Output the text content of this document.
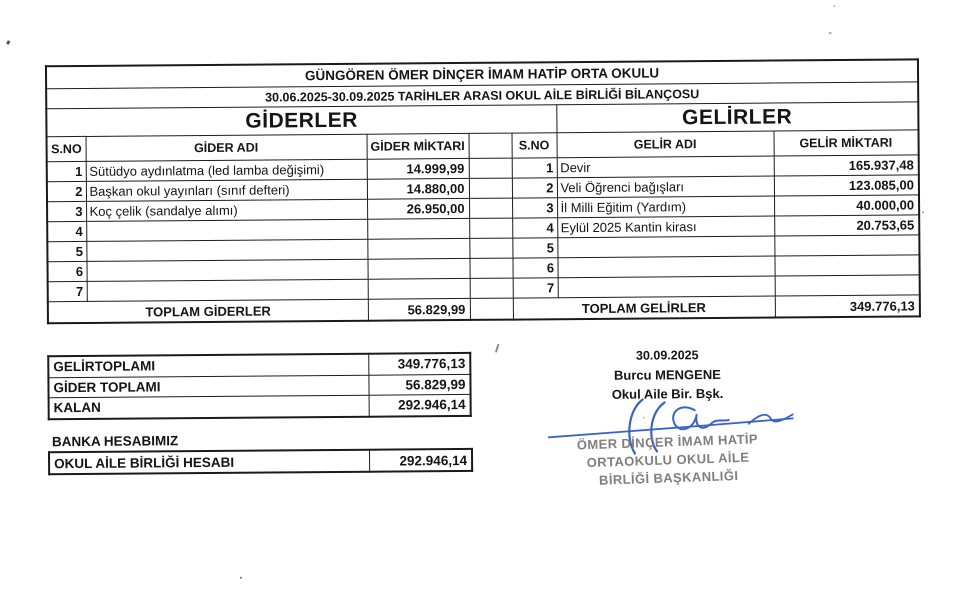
GÜNGÖREN ÖMER DİNÇER İMAM HATİP ORTA OKULU						
30.06.2025-30.09.2025 TARİHLER ARASI OKUL AİLE BİRLİĞİ BİLANÇOSU						
GİDERLER					GELİRLER	
S.NO	GİDER ADI	GİDER MİKTARI		S.NO	GELİR ADI	GELİR MİKTARI
1	Sütüdyo aydınlatma (led lamba değişimi)	14.999,99		1	Devir	165.937,48
2	Başkan okul yayınları (sınıf defteri)	14.880,00		2	Veli Öğrenci bağışları	123.085,00
3	Koç çelik (sandalye alımı)	26.950,00		3	İl Milli Eğitim (Yardım)	40.000,00
4				4	Eylül 2025 Kantin kirası	20.753,65
5				5		
6				6		
7				7		
TOPLAM GİDERLER		56.829,99		TOPLAM GELİRLER		349.776,13
GELİRTOPLAMI	349.776,13
GİDER TOPLAMI	56.829,99
KALAN	292.946,14
BANKA HESABIMIZ
OKUL AİLE BİRLİĞİ HESABI	292.946,14
30.09.2025
Burcu MENGENE
Okul Aile Bir. Bşk.
ÖMER DİNÇER İMAM HATİP
ORTAOKULU OKUL AİLE
BİRLİĞİ BAŞKANLIĞI
